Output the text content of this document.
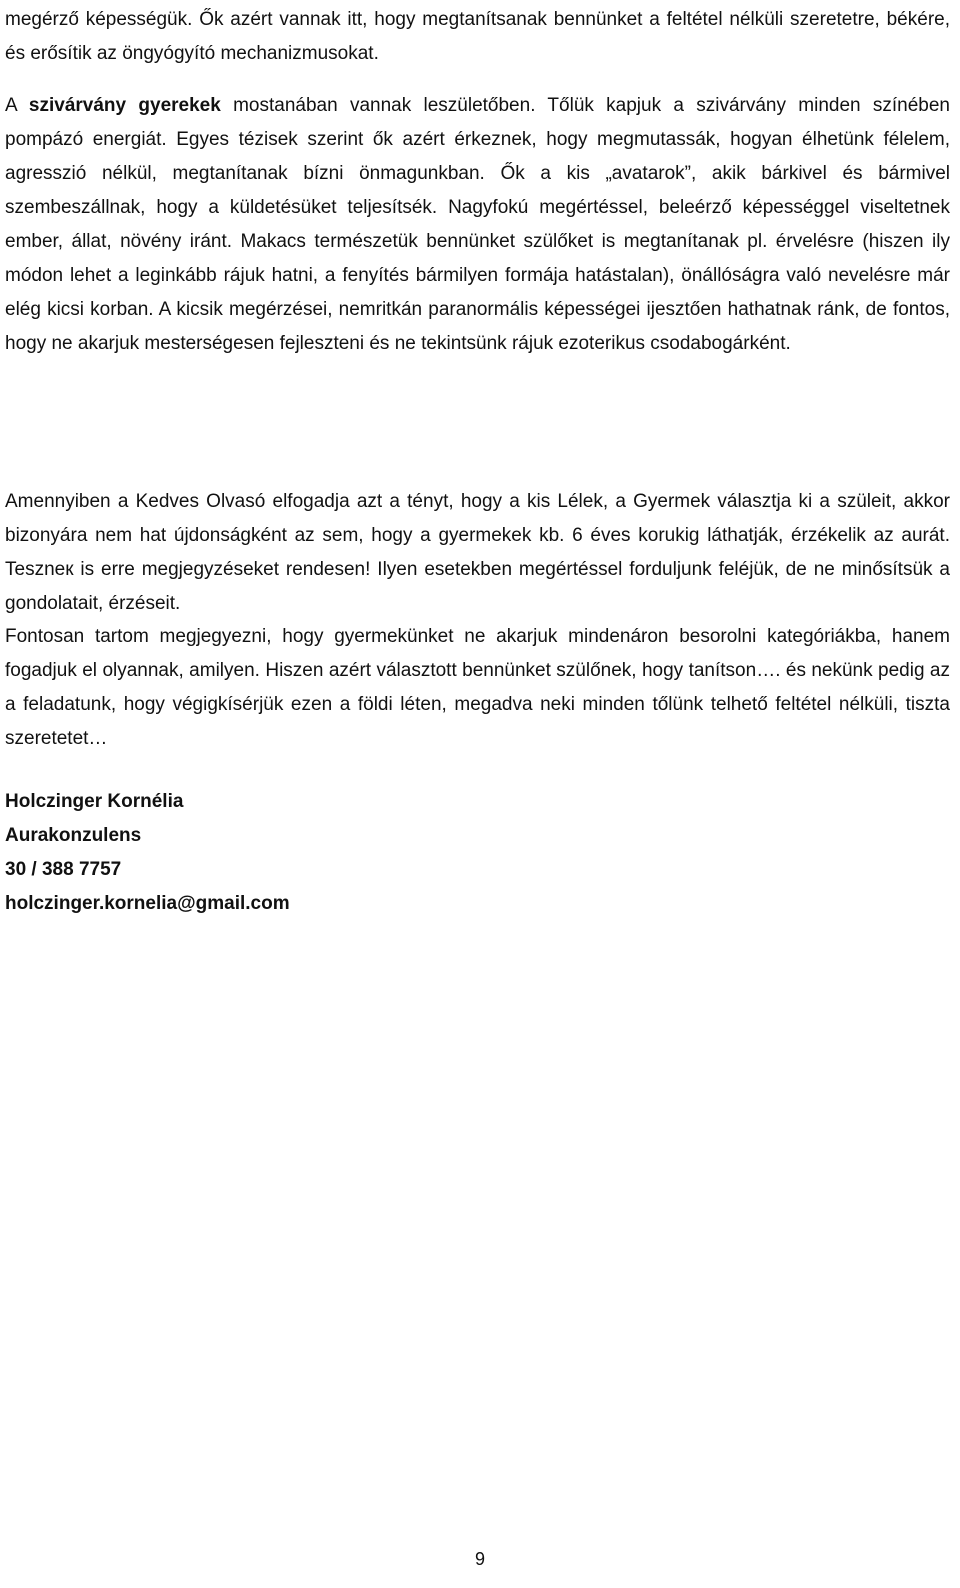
megérző képességük. Ők azért vannak itt, hogy megtanítsanak bennünket a feltétel nélküli szeretetre, békére, és erősítik az öngyógyító mechanizmusokat.

A szivárvány gyerekek mostanában vannak leszületőben. Tőlük kapjuk a szivárvány minden színében pompázó energiát. Egyes tézisek szerint ők azért érkeznek, hogy megmutassák, hogyan élhetünk félelem, agresszió nélkül, megtanítanak bízni önmagunkban. Ők a kis „avatarok”, akik bárkivel és bármivel szembeszállnak, hogy a küldetésüket teljesítsék. Nagyfokú megértéssel, beleérző képességgel viseltetnek ember, állat, növény iránt. Makacs természetük bennünket szülőket is megtanítanak pl. érvelésre (hiszen ily módon lehet a leginkább rájuk hatni, a fenyítés bármilyen formája hatástalan), önállóságra való nevelésre már elég kicsi korban. A kicsik megérzései, nemritkán paranormális képességei ijesztően hathatnak ránk, de fontos, hogy ne akarjuk mesterségesen fejleszteni és ne tekintsünk rájuk ezoterikus csodabogárként.

Amennyiben a Kedves Olvasó elfogadja azt a tényt, hogy a kis Lélek, a Gyermek választja ki a szüleit, akkor bizonyára nem hat újdonságként az sem, hogy a gyermekek kb. 6 éves korukig láthatják, érzékelik az aurát. Teszneк is erre megjegyzéseket rendesen! Ilyen esetekben megértéssel forduljunk feléjük, de ne minősítsük a gondolatait, érzéseit.

Fontosan tartom megjegyezni, hogy gyermekünket ne akarjuk mindenáron besorolni kategóriákba, hanem fogadjuk el olyannak, amilyen. Hiszen azért választott bennünket szülőnek, hogy tanítson…. és nekünk pedig az a feladatunk, hogy végigkísérjük ezen a földi léten, megadva neki minden tőlünk telhető feltétel nélküli, tiszta szeretetet…

Holczinger Kornélia
Aurakonzulens
30 / 388 7757
holczinger.kornelia@gmail.com
9
